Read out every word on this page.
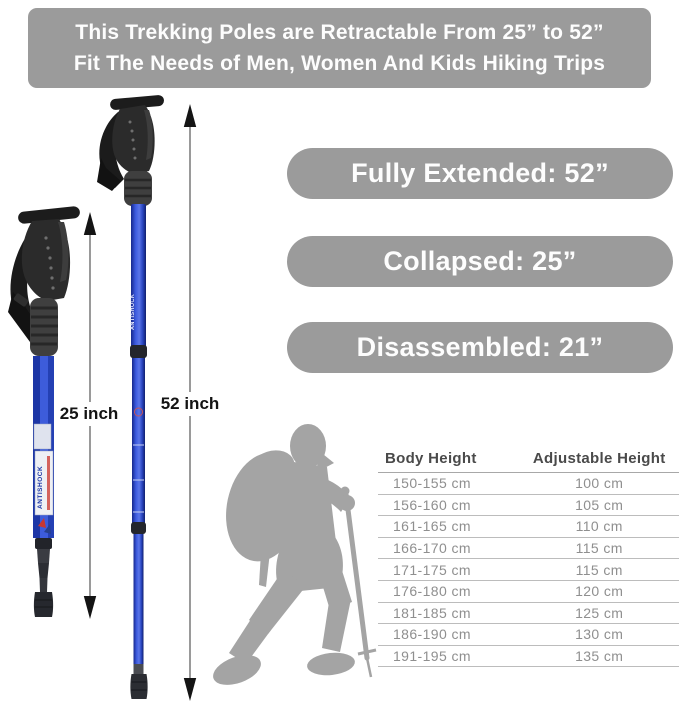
This Trekking Poles are Retractable From 25” to 52”
Fit The Needs of Men, Women And Kids Hiking Trips
ANTISHOCK
ANTISHOCK
25 inch
52 inch
Fully Extended: 52”
Collapsed: 25”
Disassembled: 21”
Body Height	Adjustable Height
150-155 cm	100 cm
156-160 cm	105 cm
161-165 cm	110 cm
166-170 cm	115 cm
171-175 cm	115 cm
176-180 cm	120 cm
181-185 cm	125 cm
186-190 cm	130 cm
191-195 cm	135 cm
